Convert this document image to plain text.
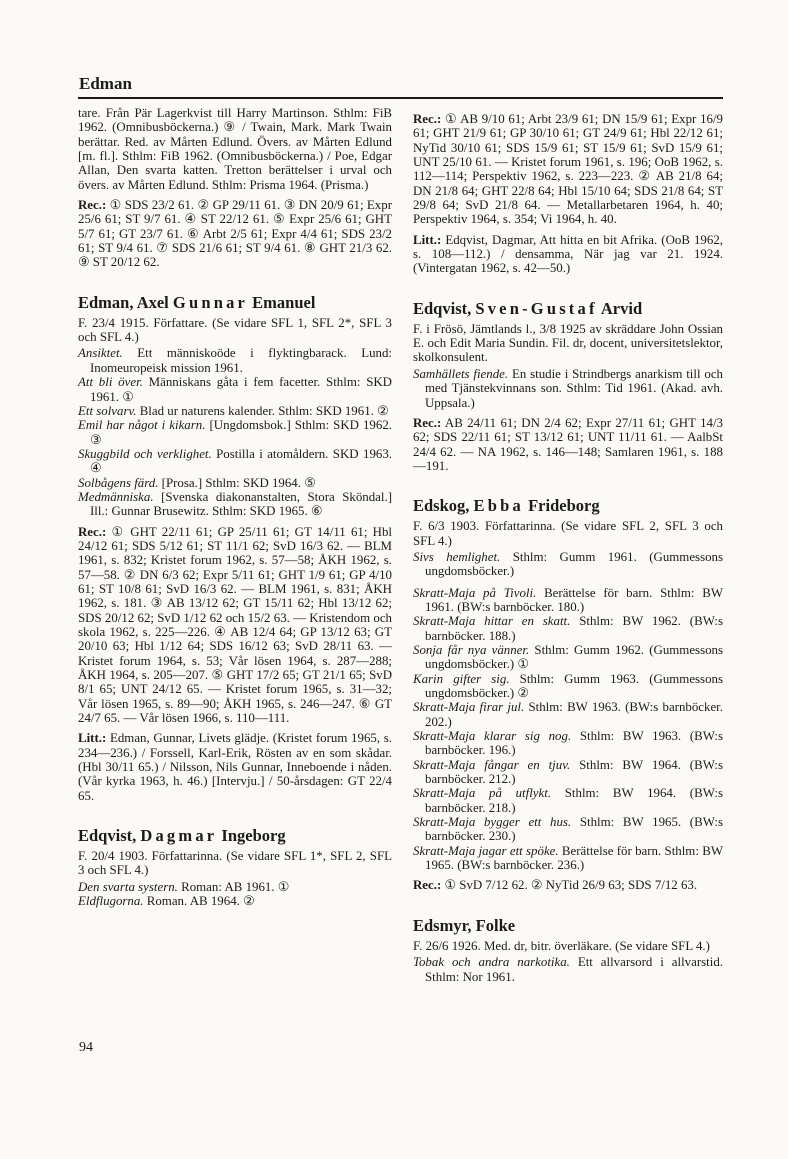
Edman

tare. Från Pär Lagerkvist till Harry Martinson. Sthlm: FiB 1962. (Omnibusböckerna.) ⑨ / Twain, Mark. Mark Twain berättar. Red. av Mårten Edlund. Övers. av Mårten Edlund [m. fl.]. Sthlm: FiB 1962. (Omnibusböckerna.) / Poe, Edgar Allan, Den svarta katten. Tretton berättelser i urval och övers. av Mårten Edlund. Sthlm: Prisma 1964. (Prisma.)

Rec.: ① SDS 23/2 61. ② GP 29/11 61. ③ DN 20/9 61; Expr 25/6 61; ST 9/7 61. ④ ST 22/12 61. ⑤ Expr 25/6 61; GHT 5/7 61; GT 23/7 61. ⑥ Arbt 2/5 61; Expr 4/4 61; SDS 23/2 61; ST 9/4 61. ⑦ SDS 21/6 61; ST 9/4 61. ⑧ GHT 21/3 62. ⑨ ST 20/12 62.

Edman, Axel Gunnar Emanuel

F. 23/4 1915. Författare. (Se vidare SFL 1, SFL 2*, SFL 3 och SFL 4.)

Ansiktet. Ett människoöde i flyktingbarack. Lund: Inomeuropeisk mission 1961.

Att bli över. Människans gåta i fem facetter. Sthlm: SKD 1961. ①

Ett solvarv. Blad ur naturens kalender. Sthlm: SKD 1961. ②

Emil har något i kikarn. [Ungdomsbok.] Sthlm: SKD 1962. ③

Skuggbild och verklighet. Postilla i atomåldern. SKD 1963. ④

Solbågens färd. [Prosa.] Sthlm: SKD 1964. ⑤

Medmänniska. [Svenska diakonanstalten, Stora Sköndal.] Ill.: Gunnar Brusewitz. Sthlm: SKD 1965. ⑥

Rec.: ① GHT 22/11 61; GP 25/11 61; GT 14/11 61; Hbl 24/12 61; SDS 5/12 61; ST 11/1 62; SvD 16/3 62. — BLM 1961, s. 832; Kristet forum 1962, s. 57—58; ÅKH 1962, s. 57—58. ② DN 6/3 62; Expr 5/11 61; GHT 1/9 61; GP 4/10 61; ST 10/8 61; SvD 16/3 62. — BLM 1961, s. 831; ÅKH 1962, s. 181. ③ AB 13/12 62; GT 15/11 62; Hbl 13/12 62; SDS 20/12 62; SvD 1/12 62 och 15/2 63. — Kristendom och skola 1962, s. 225—226. ④ AB 12/4 64; GP 13/12 63; GT 20/10 63; Hbl 1/12 64; SDS 16/12 63; SvD 28/11 63. — Kristet forum 1964, s. 53; Vår lösen 1964, s. 287—288; ÅKH 1964, s. 205—207. ⑤ GHT 17/2 65; GT 21/1 65; SvD 8/1 65; UNT 24/12 65. — Kristet forum 1965, s. 31—32; Vår lösen 1965, s. 89—90; ÅKH 1965, s. 246—247. ⑥ GT 24/7 65. — Vår lösen 1966, s. 110—111.

Litt.: Edman, Gunnar, Livets glädje. (Kristet forum 1965, s. 234—236.) / Forssell, Karl-Erik, Rösten av en som skådar. (Hbl 30/11 65.) / Nilsson, Nils Gunnar, Inneboende i nåden. (Vår kyrka 1963, h. 46.) [Intervju.] / 50-årsdagen: GT 22/4 65.

Edqvist, Dagmar Ingeborg

F. 20/4 1903. Författarinna. (Se vidare SFL 1*, SFL 2, SFL 3 och SFL 4.)

Den svarta systern. Roman: AB 1961. ①

Eldflugorna. Roman. AB 1964. ②

Rec.: ① AB 9/10 61; Arbt 23/9 61; DN 15/9 61; Expr 16/9 61; GHT 21/9 61; GP 30/10 61; GT 24/9 61; Hbl 22/12 61; NyTid 30/10 61; SDS 15/9 61; ST 15/9 61; SvD 15/9 61; UNT 25/10 61. — Kristet forum 1961, s. 196; OoB 1962, s. 112—114; Perspektiv 1962, s. 223—223. ② AB 21/8 64; DN 21/8 64; GHT 22/8 64; Hbl 15/10 64; SDS 21/8 64; ST 29/8 64; SvD 21/8 64. — Metallarbetaren 1964, h. 40; Perspektiv 1964, s. 354; Vi 1964, h. 40.

Litt.: Edqvist, Dagmar, Att hitta en bit Afrika. (OoB 1962, s. 108—112.) / densamma, När jag var 21. 1924. (Vintergatan 1962, s. 42—50.)

Edqvist, Sven-Gustaf Arvid

F. i Frösö, Jämtlands l., 3/8 1925 av skräddare John Ossian E. och Edit Maria Sundin. Fil. dr, docent, universitetslektor, skolkonsulent.

Samhällets fiende. En studie i Strindbergs anarkism till och med Tjänstekvinnans son. Sthlm: Tid 1961. (Akad. avh. Uppsala.)

Rec.: AB 24/11 61; DN 2/4 62; Expr 27/11 61; GHT 14/3 62; SDS 22/11 61; ST 13/12 61; UNT 11/11 61. — AalbSt 24/4 62. — NA 1962, s. 146—148; Samlaren 1961, s. 188—191.

Edskog, Ebba Frideborg

F. 6/3 1903. Författarinna. (Se vidare SFL 2, SFL 3 och SFL 4.)

Sivs hemlighet. Sthlm: Gumm 1961. (Gummessons ungdomsböcker.)

Skratt-Maja på Tivoli. Berättelse för barn. Sthlm: BW 1961. (BW:s barnböcker. 180.)

Skratt-Maja hittar en skatt. Sthlm: BW 1962. (BW:s barnböcker. 188.)

Sonja får nya vänner. Sthlm: Gumm 1962. (Gummessons ungdomsböcker.) ①

Karin gifter sig. Sthlm: Gumm 1963. (Gummessons ungdomsböcker.) ②

Skratt-Maja firar jul. Sthlm: BW 1963. (BW:s barnböcker. 202.)

Skratt-Maja klarar sig nog. Sthlm: BW 1963. (BW:s barnböcker. 196.)

Skratt-Maja fångar en tjuv. Sthlm: BW 1964. (BW:s barnböcker. 212.)

Skratt-Maja på utflykt. Sthlm: BW 1964. (BW:s barnböcker. 218.)

Skratt-Maja bygger ett hus. Sthlm: BW 1965. (BW:s barnböcker. 230.)

Skratt-Maja jagar ett spöke. Berättelse för barn. Sthlm: BW 1965. (BW:s barnböcker. 236.)

Rec.: ① SvD 7/12 62. ② NyTid 26/9 63; SDS 7/12 63.

Edsmyr, Folke

F. 26/6 1926. Med. dr, bitr. överläkare. (Se vidare SFL 4.)

Tobak och andra narkotika. Ett allvarsord i allvarstid. Sthlm: Nor 1961.

94
